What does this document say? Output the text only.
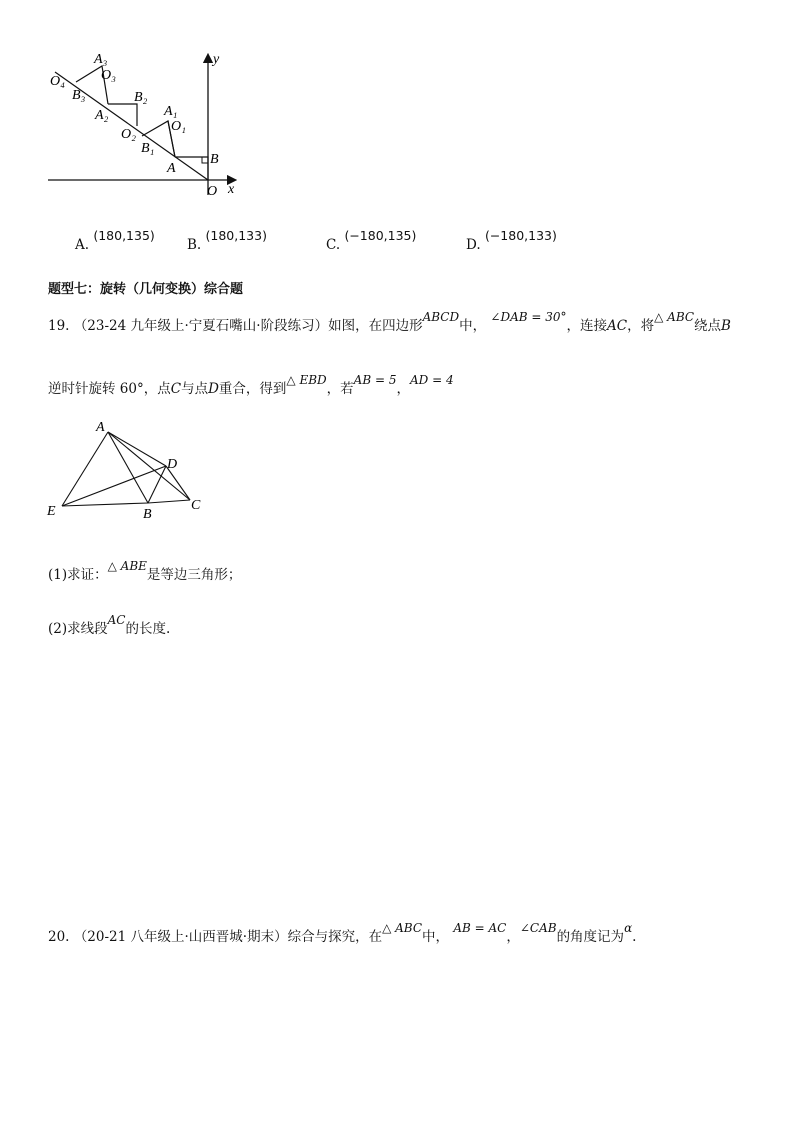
y
x
O
B
A
O₁
A₁
B₁
O₂
B₂
A₂
A₃
O₃
B₃
O₄
A. (180,135)
B. (180,133)
C. (−180,135)
D. (−180,133)
题型七：旋转（几何变换）综合题
19. （23-24 九年级上·宁夏石嘴山·阶段练习）如图，在四边形ABCD中， ∠DAB = 30°，连接AC，将△ ABC绕点B
逆时针旋转 60°，点C与点D重合，得到△ EBD，若AB = 5，AD = 4
A
D
E	B
C
(1)求证：△ ABE是等边三角形；
(2)求线段AC的长度.
20. （20-21 八年级上·山西晋城·期末）综合与探究，在△ ABC中， AB = AC，∠CAB的角度记为α.
